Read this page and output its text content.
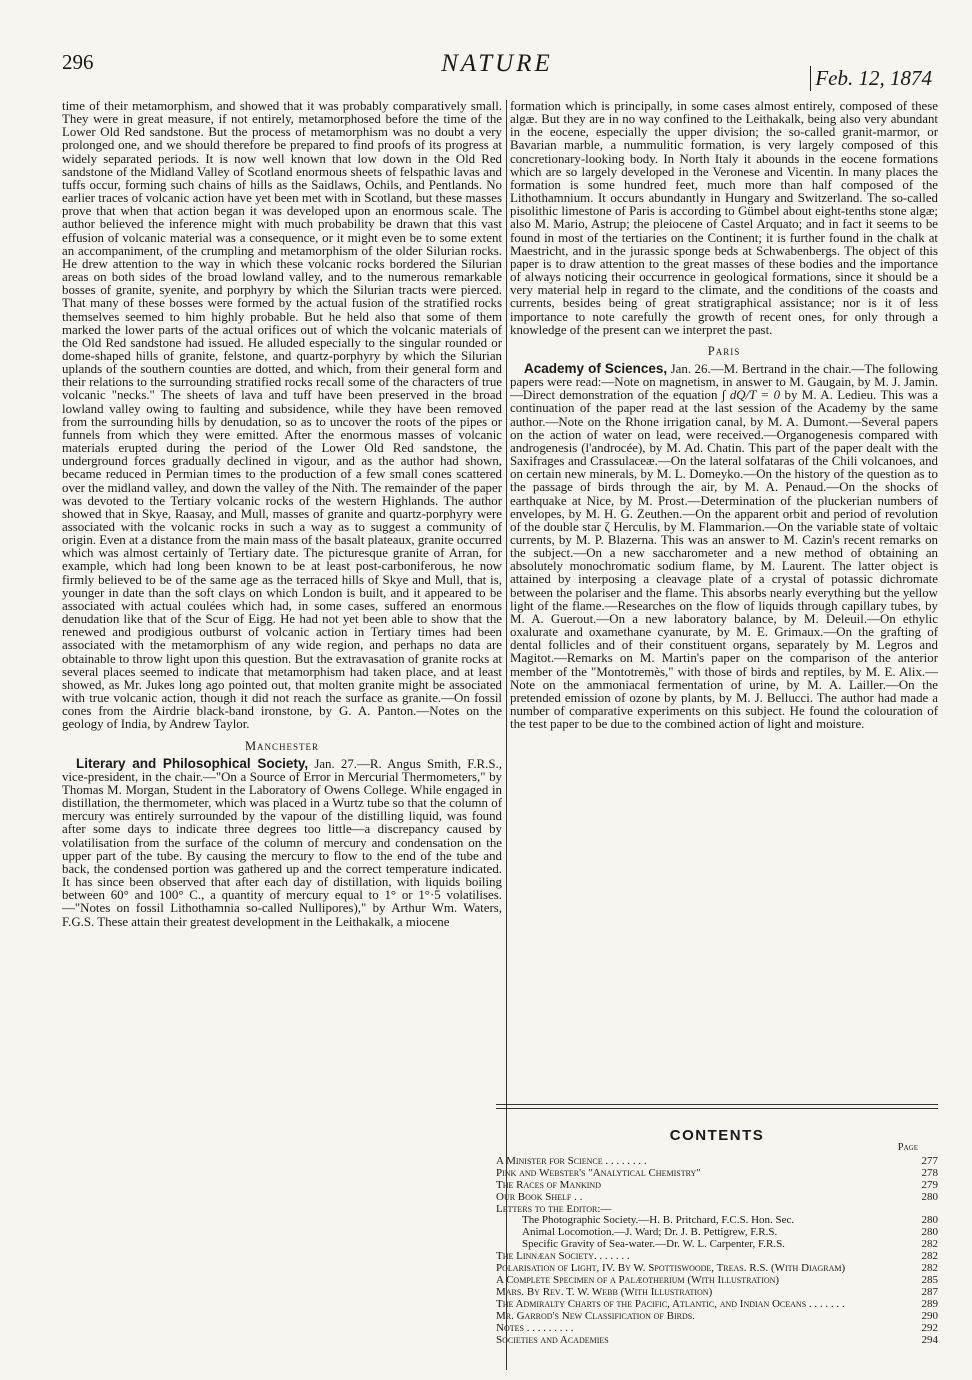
296	NATURE
Feb. 12, 1874

time of their metamorphism, and showed that it was probably comparatively small. They were in great measure, if not entirely, metamorphosed before the time of the Lower Old Red sandstone. But the process of metamorphism was no doubt a very prolonged one, and we should therefore be prepared to find proofs of its progress at widely separated periods. It is now well known that low down in the Old Red sandstone of the Midland Valley of Scotland enormous sheets of felspathic lavas and tuffs occur, forming such chains of hills as the Saidlaws, Ochils, and Pentlands. No earlier traces of volcanic action have yet been met with in Scotland, but these masses prove that when that action began it was developed upon an enormous scale. The author believed the inference might with much probability be drawn that this vast effusion of volcanic material was a consequence, or it might even be to some extent an accompaniment, of the crumpling and metamorphism of the older Silurian rocks. He drew attention to the way in which these volcanic rocks bordered the Silurian areas on both sides of the broad lowland valley, and to the numerous remarkable bosses of granite, syenite, and porphyry by which the Silurian tracts were pierced. That many of these bosses were formed by the actual fusion of the stratified rocks themselves seemed to him highly probable. But he held also that some of them marked the lower parts of the actual orifices out of which the volcanic materials of the Old Red sandstone had issued. He alluded especially to the singular rounded or dome-shaped hills of granite, felstone, and quartz-porphyry by which the Silurian uplands of the southern counties are dotted, and which, from their general form and their relations to the surrounding stratified rocks recall some of the characters of true volcanic "necks." The sheets of lava and tuff have been preserved in the broad lowland valley owing to faulting and subsidence, while they have been removed from the surrounding hills by denudation, so as to uncover the roots of the pipes or funnels from which they were emitted. After the enormous masses of volcanic materials erupted during the period of the Lower Old Red sandstone, the underground forces gradually declined in vigour, and as the author had shown, became reduced in Permian times to the production of a few small cones scattered over the midland valley, and down the valley of the Nith. The remainder of the paper was devoted to the Tertiary volcanic rocks of the western Highlands. The author showed that in Skye, Raasay, and Mull, masses of granite and quartz-porphyry were associated with the volcanic rocks in such a way as to suggest a community of origin. Even at a distance from the main mass of the basalt plateaux, granite occurred which was almost certainly of Tertiary date. The picturesque granite of Arran, for example, which had long been known to be at least post-carboniferous, he now firmly believed to be of the same age as the terraced hills of Skye and Mull, that is, younger in date than the soft clays on which London is built, and it appeared to be associated with actual coulées which had, in some cases, suffered an enormous denudation like that of the Scur of Eigg. He had not yet been able to show that the renewed and prodigious outburst of volcanic action in Tertiary times had been associated with the metamorphism of any wide region, and perhaps no data are obtainable to throw light upon this question. But the extravasation of granite rocks at several places seemed to indicate that metamorphism had taken place, and at least showed, as Mr. Jukes long ago pointed out, that molten granite might be associated with true volcanic action, though it did not reach the surface as granite.—On fossil cones from the Airdrie black-band ironstone, by G. A. Panton.—Notes on the geology of India, by Andrew Taylor.

Manchester

Literary and Philosophical Society, Jan. 27.—R. Angus Smith, F.R.S., vice-president, in the chair.—"On a Source of Error in Mercurial Thermometers," by Thomas M. Morgan, Student in the Laboratory of Owens College. While engaged in distillation, the thermometer, which was placed in a Wurtz tube so that the column of mercury was entirely surrounded by the vapour of the distilling liquid, was found after some days to indicate three degrees too little—a discrepancy caused by volatilisation from the surface of the column of mercury and condensation on the upper part of the tube. By causing the mercury to flow to the end of the tube and back, the condensed portion was gathered up and the correct temperature indicated. It has since been observed that after each day of distillation, with liquids boiling between 60° and 100° C., a quantity of mercury equal to 1° or 1°·5 volatilises.—"Notes on fossil Lithothamnia so-called Nullipores)," by Arthur Wm. Waters, F.G.S. These attain their greatest development in the Leithakalk, a miocene

formation which is principally, in some cases almost entirely, composed of these algæ. But they are in no way confined to the Leithakalk, being also very abundant in the eocene, especially the upper division; the so-called granit-marmor, or Bavarian marble, a nummulitic formation, is very largely composed of this concretionary-looking body. In North Italy it abounds in the eocene formations which are so largely developed in the Veronese and Vicentin. In many places the formation is some hundred feet, much more than half composed of the Lithothamnium. It occurs abundantly in Hungary and Switzerland. The so-called pisolithic limestone of Paris is according to Gümbel about eight-tenths stone algæ; also M. Mario, Astrup; the pleiocene of Castel Arquato; and in fact it seems to be found in most of the tertiaries on the Continent; it is further found in the chalk at Maestricht, and in the jurassic sponge beds at Schwabenbergs. The object of this paper is to draw attention to the great masses of these bodies and the importance of always noticing their occurrence in geological formations, since it should be a very material help in regard to the climate, and the conditions of the coasts and currents, besides being of great stratigraphical assistance; nor is it of less importance to note carefully the growth of recent ones, for only through a knowledge of the present can we interpret the past.

Paris

Academy of Sciences, Jan. 26.—M. Bertrand in the chair.—The following papers were read:—Note on magnetism, in answer to M. Gaugain, by M. J. Jamin.—Direct demonstration of the equation ∫ dQ/T = 0 by M. A. Ledieu. This was a continuation of the paper read at the last session of the Academy by the same author.—Note on the Rhone irrigation canal, by M. A. Dumont.—Several papers on the action of water on lead, were received.—Organogenesis compared with androgenesis (l'androcée), by M. Ad. Chatin. This part of the paper dealt with the Saxifrages and Crassulaceæ.—On the lateral solfataras of the Chili volcanoes, and on certain new minerals, by M. L. Domeyko.—On the history of the question as to the passage of birds through the air, by M. A. Penaud.—On the shocks of earthquake at Nice, by M. Prost.—Determination of the pluckerian numbers of envelopes, by M. H. G. Zeuthen.—On the apparent orbit and period of revolution of the double star ζ Herculis, by M. Flammarion.—On the variable state of voltaic currents, by M. P. Blazerna. This was an answer to M. Cazin's recent remarks on the subject.—On a new saccharometer and a new method of obtaining an absolutely monochromatic sodium flame, by M. Laurent. The latter object is attained by interposing a cleavage plate of a crystal of potassic dichromate between the polariser and the flame. This absorbs nearly everything but the yellow light of the flame.—Researches on the flow of liquids through capillary tubes, by M. A. Guerout.—On a new laboratory balance, by M. Deleuil.—On ethylic oxalurate and oxamethane cyanurate, by M. E. Grimaux.—On the grafting of dental follicles and of their constituent organs, separately by M. Legros and Magitot.—Remarks on M. Martin's paper on the comparison of the anterior member of the "Montotremès," with those of birds and reptiles, by M. E. Alix.—Note on the ammoniacal fermentation of urine, by M. A. Lailler.—On the pretended emission of ozone by plants, by M. J. Bellucci. The author had made a number of comparative experiments on this subject. He found the colouration of the test paper to be due to the combined action of light and moisture.

CONTENTS
Page
A Minister for Science . . . . . . . .	277
Pink and Webster's "Analytical Chemistry"	278
The Races of Mankind	279
Our Book Shelf . .	280
Letters to the Editor:—
The Photographic Society.—H. B. Pritchard, F.C.S. Hon. Sec.	280
Animal Locomotion.—J. Ward; Dr. J. B. Pettigrew, F.R.S.	280
Specific Gravity of Sea-water.—Dr. W. L. Carpenter, F.R.S.	282
The Linnæan Society. . . . . . .	282
Polarisation of Light, IV. By W. Spottiswoode, Treas. R.S. (With Diagram)	282
A Complete Specimen of a Palæotherium (With Illustration)	285
Mars. By Rev. T. W. Webb (With Illustration)	287
The Admiralty Charts of the Pacific, Atlantic, and Indian Oceans . . . . . . .	289
Mr. Garrod's New Classification of Birds.	290
Notes . . . . . . . . .	292
Societies and Academies	294
